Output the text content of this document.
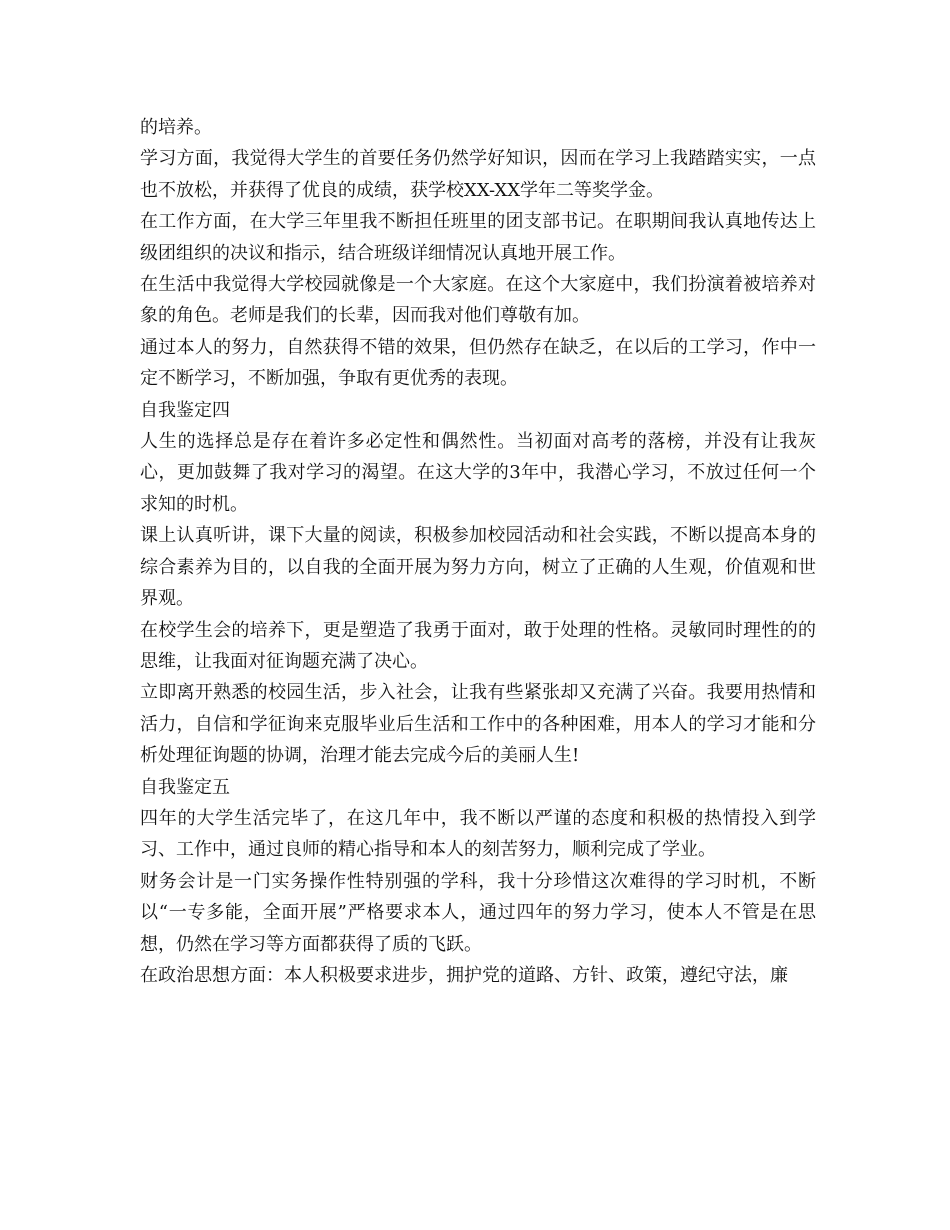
的培养。

学习方面，我觉得大学生的首要任务仍然学好知识，因而在学习上我踏踏实实，一点也不放松，并获得了优良的成绩，获学校XX-XX学年二等奖学金。

在工作方面，在大学三年里我不断担任班里的团支部书记。在职期间我认真地传达上级团组织的决议和指示，结合班级详细情况认真地开展工作。

在生活中我觉得大学校园就像是一个大家庭。在这个大家庭中，我们扮演着被培养对象的角色。老师是我们的长辈，因而我对他们尊敬有加。

通过本人的努力，自然获得不错的效果，但仍然存在缺乏，在以后的工学习，作中一定不断学习，不断加强，争取有更优秀的表现。

自我鉴定四

人生的选择总是存在着许多必定性和偶然性。当初面对高考的落榜，并没有让我灰心，更加鼓舞了我对学习的渴望。在这大学的3年中，我潜心学习，不放过任何一个求知的时机。

课上认真听讲，课下大量的阅读，积极参加校园活动和社会实践，不断以提高本身的综合素养为目的，以自我的全面开展为努力方向，树立了正确的人生观，价值观和世界观。

在校学生会的培养下，更是塑造了我勇于面对，敢于处理的性格。灵敏同时理性的的思维，让我面对征询题充满了决心。

立即离开熟悉的校园生活，步入社会，让我有些紧张却又充满了兴奋。我要用热情和活力，自信和学征询来克服毕业后生活和工作中的各种困难，用本人的学习才能和分析处理征询题的协调，治理才能去完成今后的美丽人生!

自我鉴定五

四年的大学生活完毕了，在这几年中，我不断以严谨的态度和积极的热情投入到学习、工作中，通过良师的精心指导和本人的刻苦努力，顺利完成了学业。

财务会计是一门实务操作性特别强的学科，我十分珍惜这次难得的学习时机，不断以“一专多能，全面开展”严格要求本人，通过四年的努力学习，使本人不管是在思想，仍然在学习等方面都获得了质的飞跃。

在政治思想方面：本人积极要求进步，拥护党的道路、方针、政策，遵纪守法，廉
